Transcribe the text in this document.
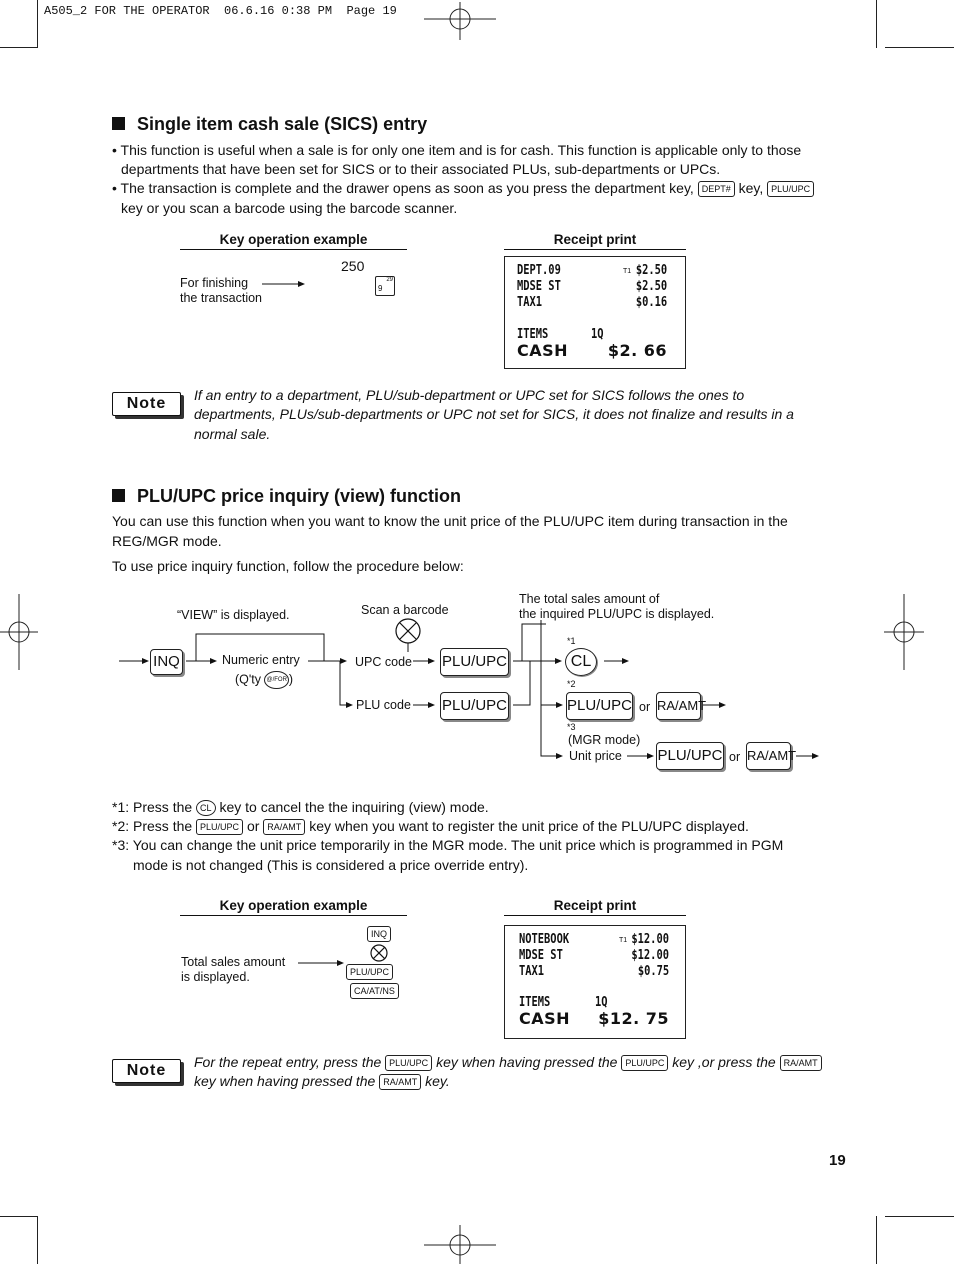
A505_2 FOR THE OPERATOR  06.6.16 0:38 PM  Page 19
Single item cash sale (SICS) entry
• This function is useful when a sale is for only one item and is for cash. This function is applicable only to those
departments that have been set for SICS or to their associated PLUs, sub-departments or UPCs.
• The transaction is complete and the drawer opens as soon as you press the department key, DEPT# key, PLU/UPC
key or you scan a barcode using the barcode scanner.
Key operation example	Receipt print
250
9
29
For finishing
the transaction
DEPT.09	T1 $2.50
MDSE ST	$2.50
TAX1	$0.16
ITEMS	1Q
CASH $2. 66
Note	If an entry to a department, PLU/sub-department or UPC set for SICS follows the ones to
departments, PLUs/sub-departments or UPC not set for SICS, it does not finalize and results in a
normal sale.
PLU/UPC price inquiry (view) function
You can use this function when you want to know the unit price of the PLU/UPC item during transaction in the
REG/MGR mode.
To use price inquiry function, follow the procedure below:
“VIEW” is displayed.	Scan a barcode
The total sales amount of
the inquired PLU/UPC is displayed.
INQ	Numeric entry
(Q'ty @/FOR )
UPC code
PLU code
PLU/UPC
PLU/UPC
*1
CL
*2
PLU/UPC or RA/AMT
*3
(MGR mode)
Unit price PLU/UPC or RA/AMT
*1: Press the CL key to cancel the the inquiring (view) mode.
*2: Press the PLU/UPC or RA/AMT key when you want to register the unit price of the PLU/UPC displayed.
*3: You can change the unit price temporarily in the MGR mode. The unit price which is programmed in PGM
mode is not changed (This is considered a price override entry).
Key operation example	Receipt print
INQ
PLU/UPC
CA/AT/NS
Total sales amount
is displayed.
NOTEBOOK	T1 $12.00
MDSE ST	$12.00
TAX1	$0.75
ITEMS	1Q
CASH $12. 75
Note	For the repeat entry, press the PLU/UPC key when having pressed the PLU/UPC key ,or press the RA/AMT
key when having pressed the RA/AMT key.
19
